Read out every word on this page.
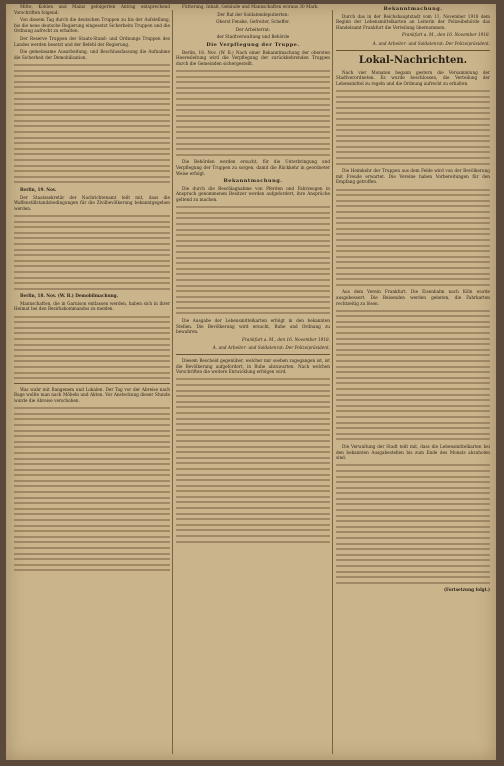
Mitte, Kohlen und Mainz gefolgerten Antrag entsprechend Vorschriften folgend:

Von diesem Tag durch die deutschen Truppen zu bis der Aufstellung, bis die neue deutsche Regierung eingesetzt Sicherheits Truppen und die Ordnung aufrecht zu erhalten.

Der Reserve Truppen der Staats-Stand- und Ordnungs Truppen des Landes werden besetzt und der Befehl der Regierung.

Die gemeinsame Ausarbeitung, und Beschlussfassung die Aufnahme die Sicherheit der Demobilisation.

Berlin, 19. Nov.

Der Staatssekretär der Nachrichtenamt teilt mit, dass die Waffenstillstandsbedingungen für die Zivilbevölkerung bekanntgegeben werden.

Berlin, 18. Nov. (W. B.) Demobilmachung.

Mannschaften, die in Garnison entlassen werden, haben sich in ihrer Heimat bei den Bezirkskommandos zu melden.

Was wahr mit Bangenem und Lokalen. Der Tag vor der Abreise nach Bage wollte man nach Möbeln und Akten. Vor Ansteckung dieser Stunde wurde die Abreise verschoben.

Fütterung, Inhalt, Gebäude und Mannschaften woraus 30 Mark.

Der Rat der Soldatendeputierten:

Oberst Fenske, Gefreiter, Scheffer.

Der Arbeiterrat:

der Stadtverwaltung und Behörde

Die Verpflegung der Truppe.

Berlin, 18. Nov. (W. B.) Nach einer Bekanntmachung der obersten Heeresleitung wird die Verpflegung der zurückkehrenden Truppen durch die Gemeinden sichergestellt.

Die Behörden werden ersucht, für die Unterbringung und Verpflegung der Truppen zu sorgen, damit die Rückkehr in geordneter Weise erfolgt.

Bekanntmachung.

Die durch die Beschlagnahme von Pferden und Fahrzeugen in Anspruch genommenen Besitzer werden aufgefordert, ihre Ansprüche geltend zu machen.

Die Ausgabe der Lebensmittelkarten erfolgt in den bekannten Stellen. Die Bevölkerung wird ersucht, Ruhe und Ordnung zu bewahren.

Frankfurt a. M., den 16. November 1918.

A. und Arbeiter- und Soldatenrat: Der Polizeipräsident.

Diesem Bescheid gegenüber, welcher mir soeben zugegangen ist, ist die Bevölkerung aufgefordert, in Ruhe abzuwarten. Nach welchen Vorschriften die weitere Entwicklung erfolgen wird.

Bekanntmachung.

Durch das in der Reichshauptstadt vom 11. November 1918 dem Beginn der Lebensmittelkarten an Leiterin der Polizeibehörde das Handelsamt Frankfurt die Verteilung übernommen.

Frankfurt a. M., den 16. November 1918.

A. und Arbeiter- und Soldatenrat: Der Polizeipräsident.

Lokal-Nachrichten.

Nach vier Monaten begann gestern die Versammlung der Stadtverordneten. Es wurde beschlossen, die Verteilung der Lebensmittel zu regeln und die Ordnung aufrecht zu erhalten.

Die Heimkehr der Truppen aus dem Felde wird von der Bevölkerung mit Freude erwartet. Die Vereine haben Vorbereitungen für den Empfang getroffen.

Aus dem Verein Frankfurt. Die Eisenbahn nach Köln wurde ausgebessert. Die Reisenden werden gebeten, die Fahrkarten rechtzeitig zu lösen.

Die Verwaltung der Stadt teilt mit, dass die Lebensmittelkarten bei den bekannten Ausgabestellen bis zum Ende des Monats abzuholen sind.

(Fortsetzung folgt.)
